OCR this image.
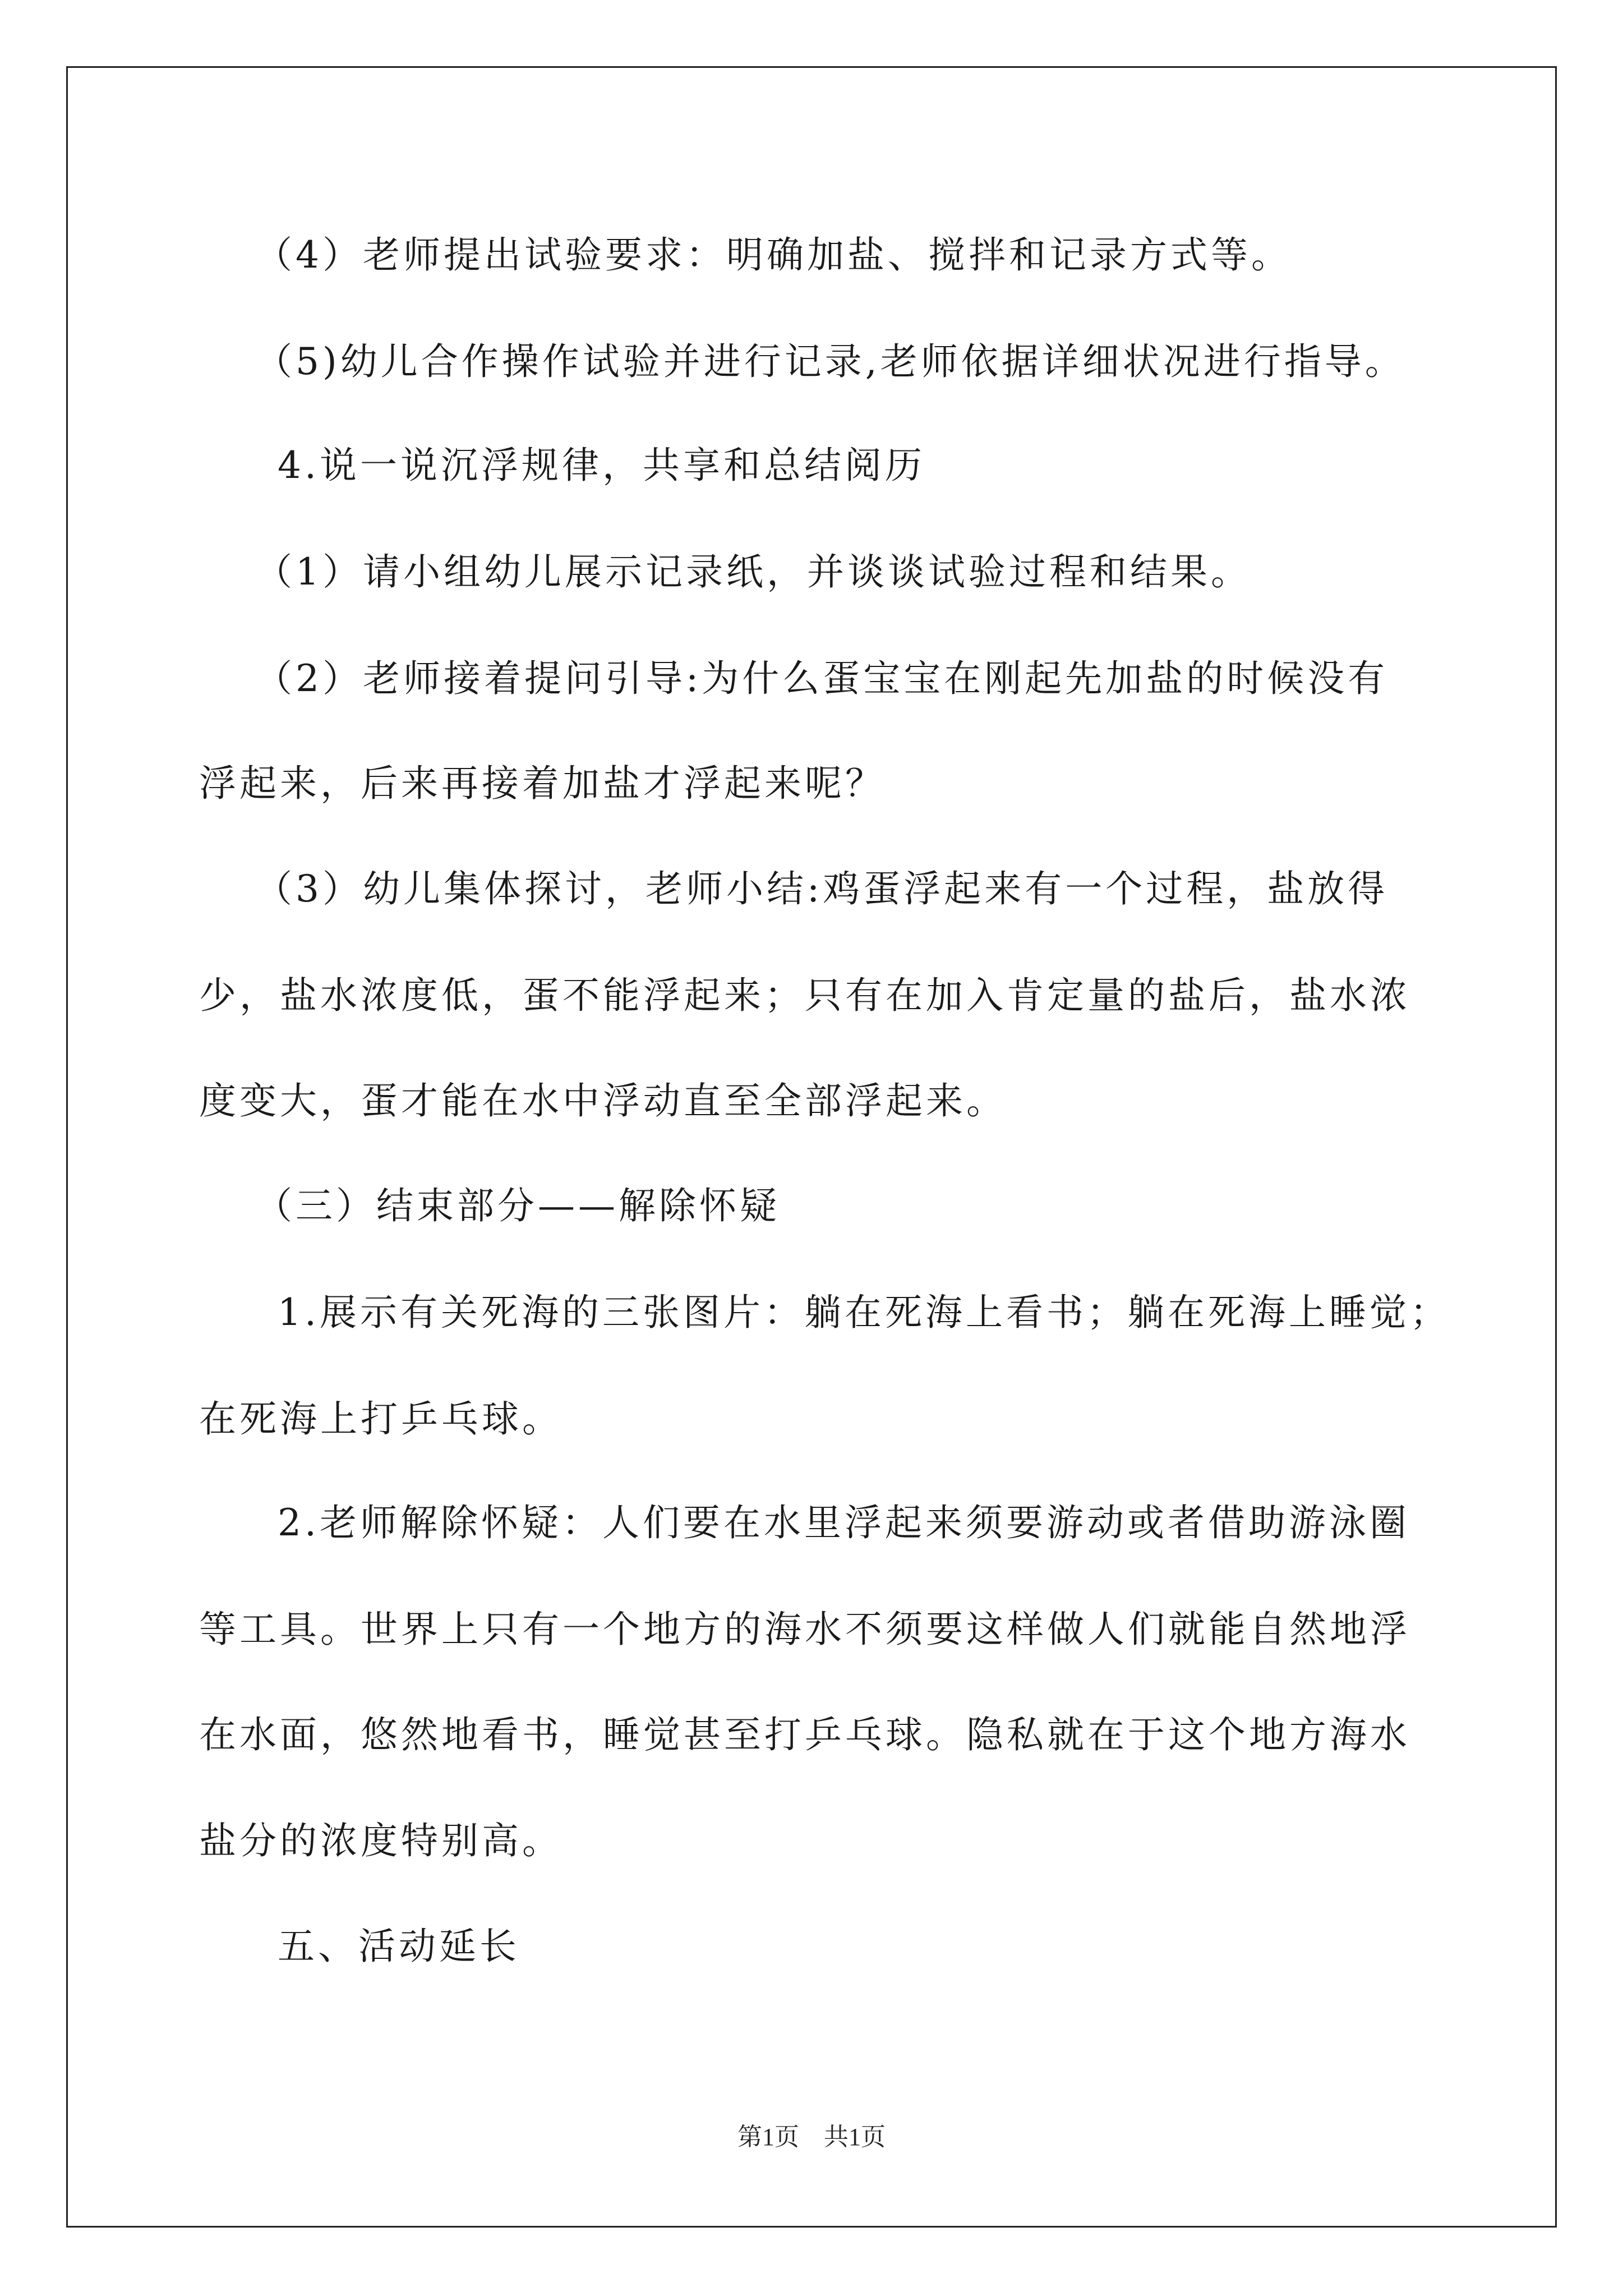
（4）老师提出试验要求：明确加盐、搅拌和记录方式等。
（5)幼儿合作操作试验并进行记录,老师依据详细状况进行指导。
4.说一说沉浮规律，共享和总结阅历
（1）请小组幼儿展示记录纸，并谈谈试验过程和结果。
（2）老师接着提问引导:为什么蛋宝宝在刚起先加盐的时候没有
浮起来，后来再接着加盐才浮起来呢？
（3）幼儿集体探讨，老师小结:鸡蛋浮起来有一个过程，盐放得
少，盐水浓度低，蛋不能浮起来；只有在加入肯定量的盐后，盐水浓
度变大，蛋才能在水中浮动直至全部浮起来。
（三）结束部分——解除怀疑
1.展示有关死海的三张图片：躺在死海上看书；躺在死海上睡觉；
在死海上打乒乓球。
2.老师解除怀疑：人们要在水里浮起来须要游动或者借助游泳圈
等工具。世界上只有一个地方的海水不须要这样做人们就能自然地浮
在水面，悠然地看书，睡觉甚至打乒乓球。隐私就在于这个地方海水
盐分的浓度特别高。
五、活动延长
第1页　共1页
